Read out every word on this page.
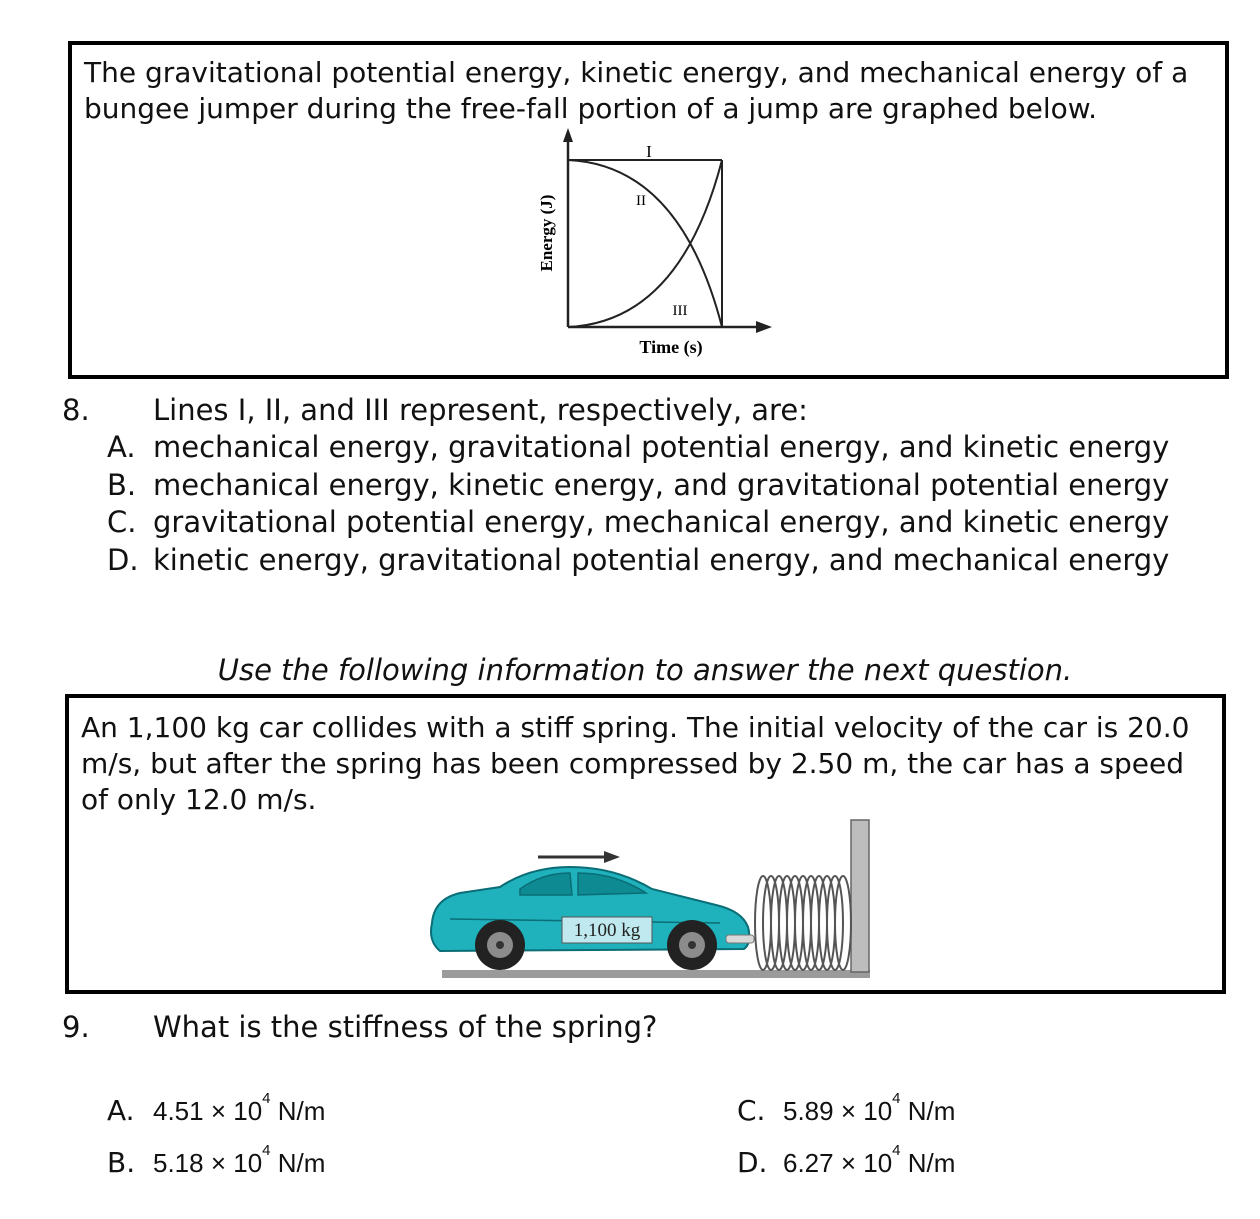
The gravitational potential energy, kinetic energy, and mechanical energy of a bungee jumper during the free-fall portion of a jump are graphed below.
I
II
III
Energy (J)
Time (s)
8. Lines I, II, and III represent, respectively, are:
A. mechanical energy, gravitational potential energy, and kinetic energy
B. mechanical energy, kinetic energy, and gravitational potential energy
C. gravitational potential energy, mechanical energy, and kinetic energy
D. kinetic energy, gravitational potential energy, and mechanical energy
Use the following information to answer the next question.
An 1,100 kg car collides with a stiff spring. The initial velocity of the car is 20.0 m/s, but after the spring has been compressed by 2.50 m, the car has a speed of only 12.0 m/s.
1,100 kg
9. What is the stiffness of the spring?
A. $4.51 \times 10^4$ N/m
B. $5.18 \times 10^4$ N/m
C. $5.89 \times 10^4$ N/m
D. $6.27 \times 10^4$ N/m
